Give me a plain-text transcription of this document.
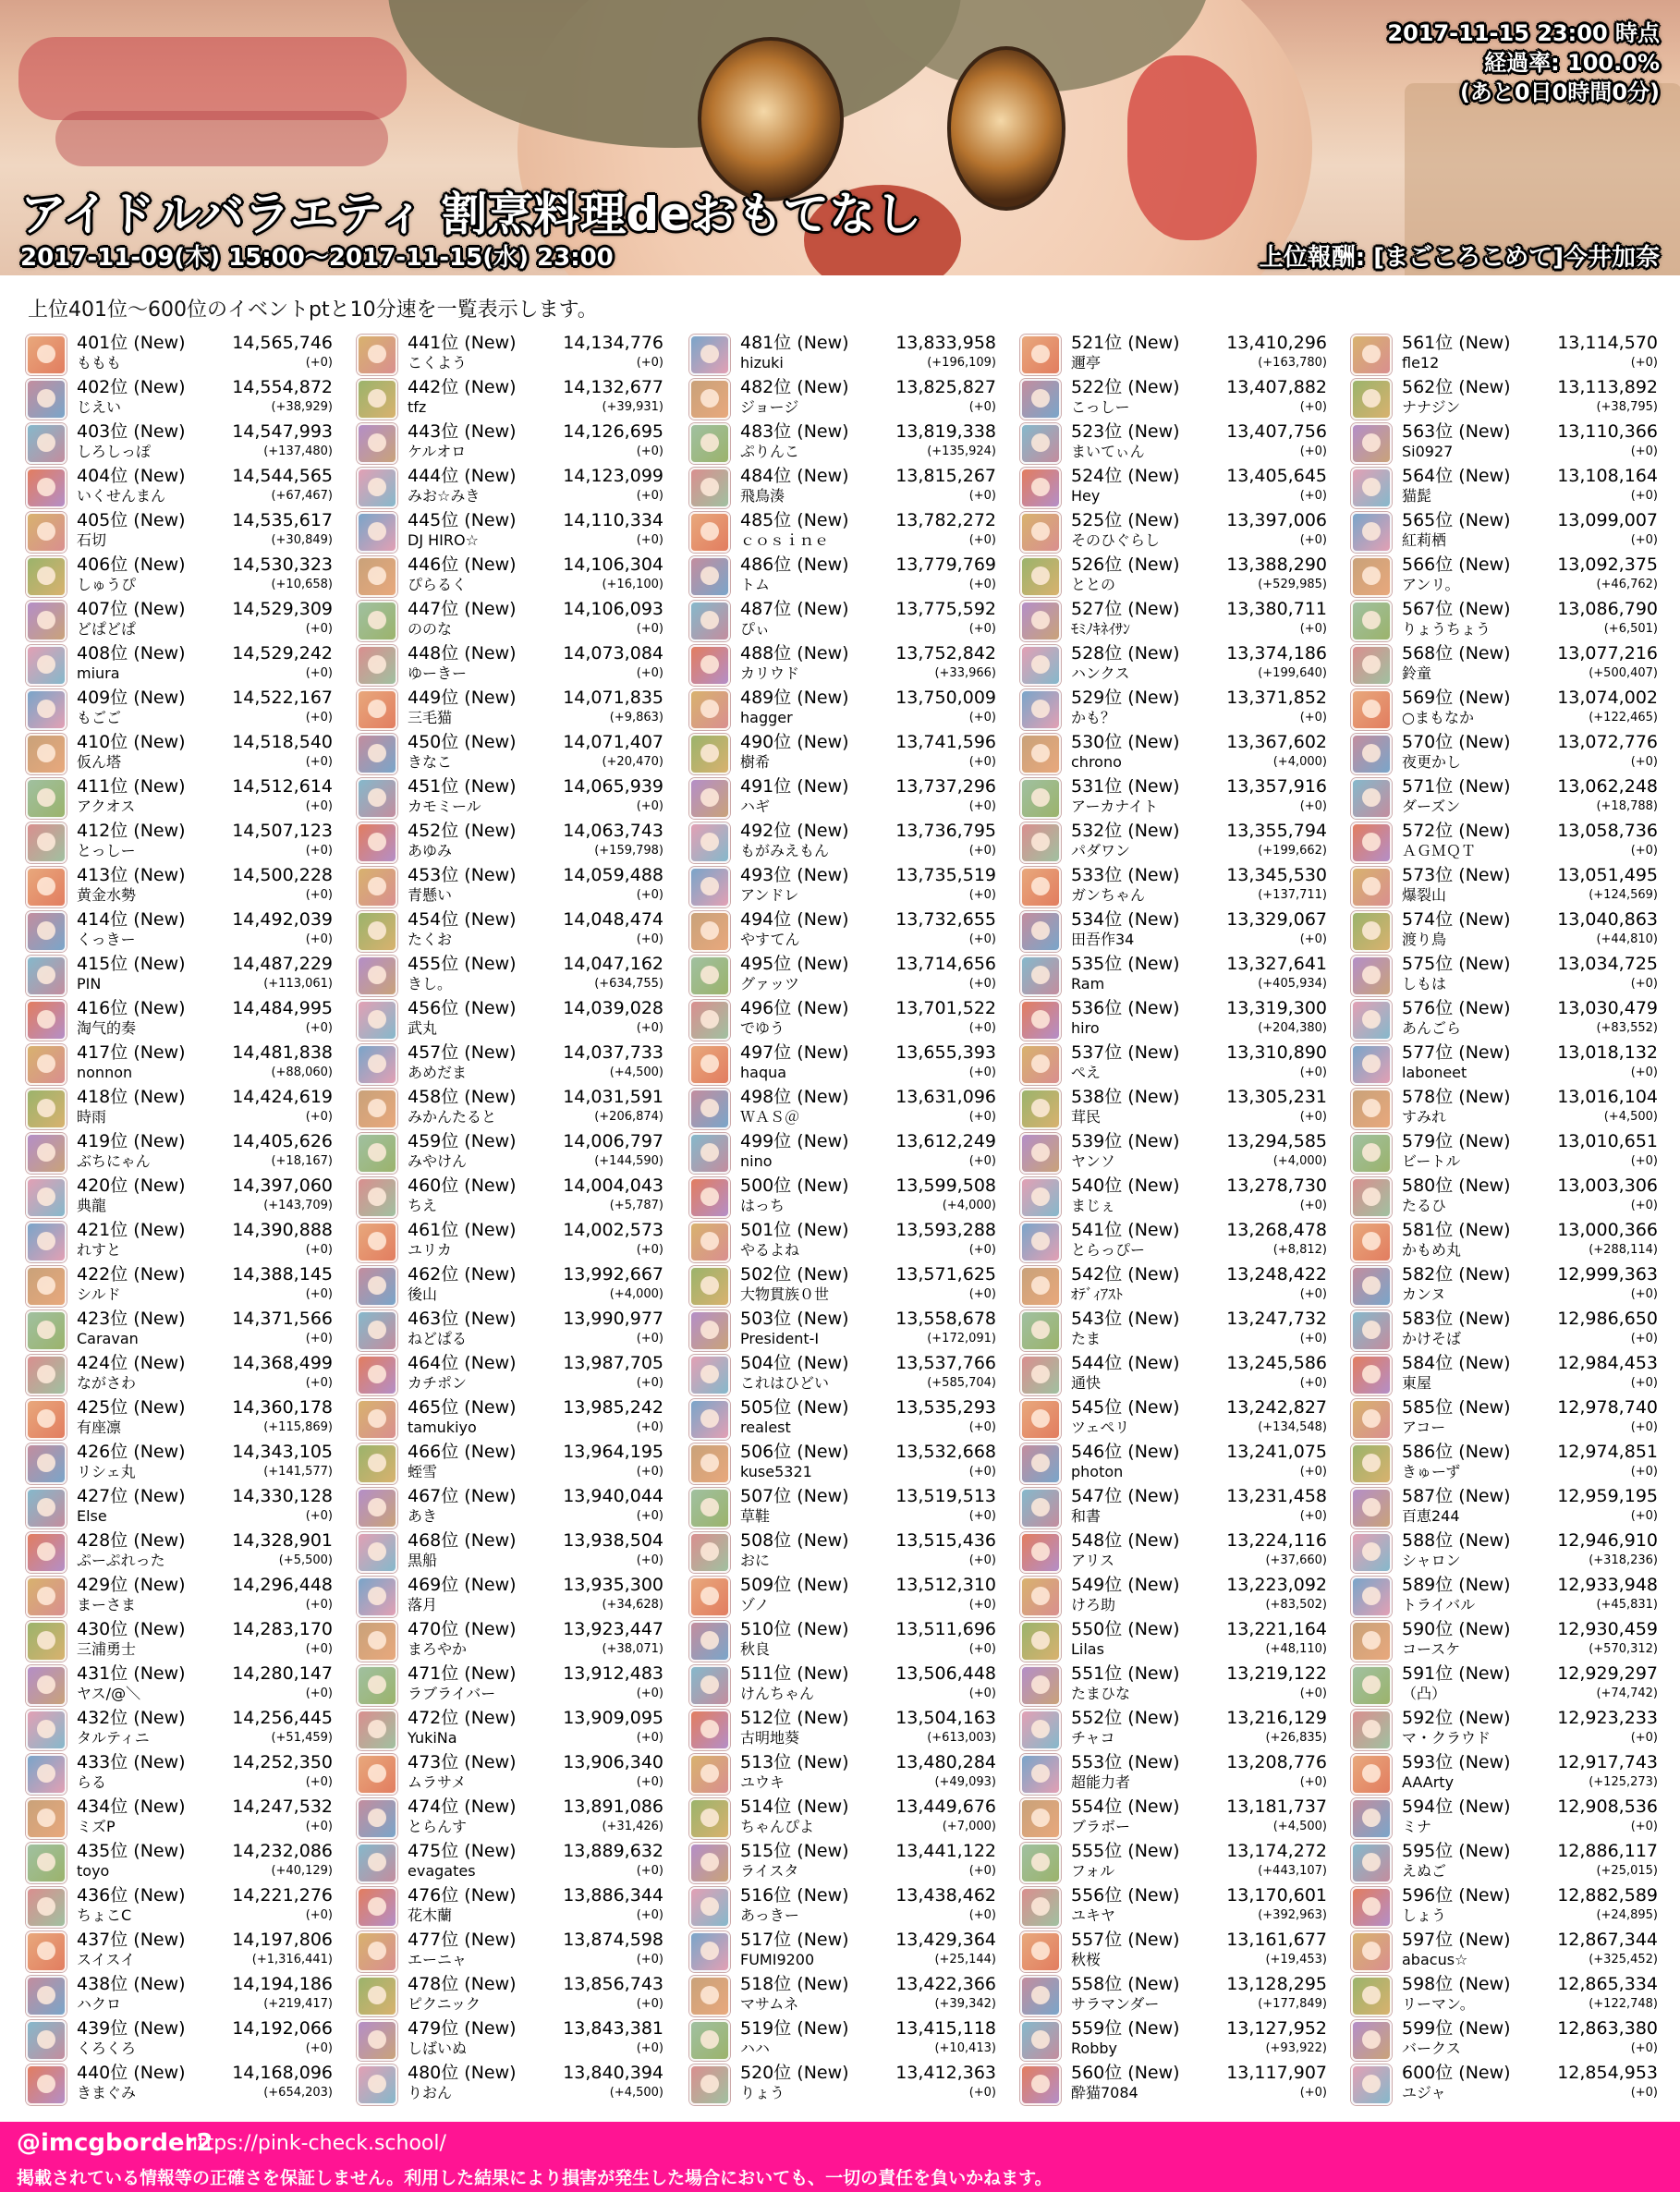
2017-11-15 23:00 時点
経過率: 100.0%
(あと0日0時間0分)
アイドルバラエティ 割烹料理deおもてなし
2017-11-09(木) 15:00～2017-11-15(水) 23:00	上位報酬: [まごころこめて]今井加奈
上位401位～600位のイベントptと10分速を一覧表示します。
401位 (New)	14,565,746
ももも	(+0)
402位 (New)	14,554,872
じえい	(+38,929)
403位 (New)	14,547,993
しろしっぽ	(+137,480)
404位 (New)	14,544,565
いくせんまん	(+67,467)
405位 (New)	14,535,617
石切	(+30,849)
406位 (New)	14,530,323
しゅうぴ	(+10,658)
407位 (New)	14,529,309
どぱどぱ	(+0)
408位 (New)	14,529,242
miura	(+0)
409位 (New)	14,522,167
もごご	(+0)
410位 (New)	14,518,540
仮ん塔	(+0)
411位 (New)	14,512,614
アクオス	(+0)
412位 (New)	14,507,123
とっしー	(+0)
413位 (New)	14,500,228
黄金水勢	(+0)
414位 (New)	14,492,039
くっきー	(+0)
415位 (New)	14,487,229
PIN	(+113,061)
416位 (New)	14,484,995
淘气的奏	(+0)
417位 (New)	14,481,838
nonnon	(+88,060)
418位 (New)	14,424,619
時雨	(+0)
419位 (New)	14,405,626
ぶちにゃん	(+18,167)
420位 (New)	14,397,060
典龍	(+143,709)
421位 (New)	14,390,888
れすと	(+0)
422位 (New)	14,388,145
シルド	(+0)
423位 (New)	14,371,566
Caravan	(+0)
424位 (New)	14,368,499
ながさわ	(+0)
425位 (New)	14,360,178
有座凛	(+115,869)
426位 (New)	14,343,105
リシェ丸	(+141,577)
427位 (New)	14,330,128
Else	(+0)
428位 (New)	14,328,901
ぷーぷれった	(+5,500)
429位 (New)	14,296,448
まーさま	(+0)
430位 (New)	14,283,170
三浦勇士	(+0)
431位 (New)	14,280,147
ヤス/@＼	(+0)
432位 (New)	14,256,445
タルティニ	(+51,459)
433位 (New)	14,252,350
らる	(+0)
434位 (New)	14,247,532
ミズP	(+0)
435位 (New)	14,232,086
toyo	(+40,129)
436位 (New)	14,221,276
ちょこC	(+0)
437位 (New)	14,197,806
スイスイ	(+1,316,441)
438位 (New)	14,194,186
ハクロ	(+219,417)
439位 (New)	14,192,066
くろくろ	(+0)
440位 (New)	14,168,096
きまぐみ	(+654,203)
441位 (New)	14,134,776
こくよう	(+0)
442位 (New)	14,132,677
tfz	(+39,931)
443位 (New)	14,126,695
ケルオロ	(+0)
444位 (New)	14,123,099
みお☆みき	(+0)
445位 (New)	14,110,334
DJ HIRO☆	(+0)
446位 (New)	14,106,304
ぴらるく	(+16,100)
447位 (New)	14,106,093
ののな	(+0)
448位 (New)	14,073,084
ゆーきー	(+0)
449位 (New)	14,071,835
三毛猫	(+9,863)
450位 (New)	14,071,407
きなこ	(+20,470)
451位 (New)	14,065,939
カモミール	(+0)
452位 (New)	14,063,743
あゆみ	(+159,798)
453位 (New)	14,059,488
青懸い	(+0)
454位 (New)	14,048,474
たくお	(+0)
455位 (New)	14,047,162
きし。	(+634,755)
456位 (New)	14,039,028
武丸	(+0)
457位 (New)	14,037,733
あめだま	(+4,500)
458位 (New)	14,031,591
みかんたると	(+206,874)
459位 (New)	14,006,797
みやけん	(+144,590)
460位 (New)	14,004,043
ちえ	(+5,787)
461位 (New)	14,002,573
ユリカ	(+0)
462位 (New)	13,992,667
後山	(+4,000)
463位 (New)	13,990,977
ねどぱる	(+0)
464位 (New)	13,987,705
カチポン	(+0)
465位 (New)	13,985,242
tamukiyo	(+0)
466位 (New)	13,964,195
蛭雪	(+0)
467位 (New)	13,940,044
あき	(+0)
468位 (New)	13,938,504
黒船	(+0)
469位 (New)	13,935,300
落月	(+34,628)
470位 (New)	13,923,447
まろやか	(+38,071)
471位 (New)	13,912,483
ラブライバー	(+0)
472位 (New)	13,909,095
YukiNa	(+0)
473位 (New)	13,906,340
ムラサメ	(+0)
474位 (New)	13,891,086
とらんす	(+31,426)
475位 (New)	13,889,632
evagates	(+0)
476位 (New)	13,886,344
花木蘭	(+0)
477位 (New)	13,874,598
エーニャ	(+0)
478位 (New)	13,856,743
ピクニック	(+0)
479位 (New)	13,843,381
しばいぬ	(+0)
480位 (New)	13,840,394
りおん	(+4,500)
481位 (New)	13,833,958
hizuki	(+196,109)
482位 (New)	13,825,827
ジョージ	(+0)
483位 (New)	13,819,338
ぷりんこ	(+135,924)
484位 (New)	13,815,267
飛鳥湊	(+0)
485位 (New)	13,782,272
ｃｏｓｉｎｅ	(+0)
486位 (New)	13,779,769
トム	(+0)
487位 (New)	13,775,592
ぴぃ	(+0)
488位 (New)	13,752,842
カリウド	(+33,966)
489位 (New)	13,750,009
hagger	(+0)
490位 (New)	13,741,596
樹希	(+0)
491位 (New)	13,737,296
ハギ	(+0)
492位 (New)	13,736,795
もがみえもん	(+0)
493位 (New)	13,735,519
アンドレ	(+0)
494位 (New)	13,732,655
やすてん	(+0)
495位 (New)	13,714,656
グァッツ	(+0)
496位 (New)	13,701,522
でゆう	(+0)
497位 (New)	13,655,393
haqua	(+0)
498位 (New)	13,631,096
ＷＡＳ＠	(+0)
499位 (New)	13,612,249
nino	(+0)
500位 (New)	13,599,508
はっち	(+4,000)
501位 (New)	13,593,288
やるよね	(+0)
502位 (New)	13,571,625
大物貫族０世	(+0)
503位 (New)	13,558,678
President-I	(+172,091)
504位 (New)	13,537,766
これはひどい	(+585,704)
505位 (New)	13,535,293
realest	(+0)
506位 (New)	13,532,668
kuse5321	(+0)
507位 (New)	13,519,513
草鞋	(+0)
508位 (New)	13,515,436
おに	(+0)
509位 (New)	13,512,310
ゾノ	(+0)
510位 (New)	13,511,696
秋良	(+0)
511位 (New)	13,506,448
けんちゃん	(+0)
512位 (New)	13,504,163
古明地葵	(+613,003)
513位 (New)	13,480,284
ユウキ	(+49,093)
514位 (New)	13,449,676
ちゃんぴよ	(+7,000)
515位 (New)	13,441,122
ライスタ	(+0)
516位 (New)	13,438,462
あっきー	(+0)
517位 (New)	13,429,364
FUMI9200	(+25,144)
518位 (New)	13,422,366
マサムネ	(+39,342)
519位 (New)	13,415,118
ハハ	(+10,413)
520位 (New)	13,412,363
りょう	(+0)
521位 (New)	13,410,296
邇亭	(+163,780)
522位 (New)	13,407,882
こっしー	(+0)
523位 (New)	13,407,756
まいてぃん	(+0)
524位 (New)	13,405,645
Hey	(+0)
525位 (New)	13,397,006
そのひぐらし	(+0)
526位 (New)	13,388,290
ととの	(+529,985)
527位 (New)	13,380,711
ﾓﾐﾉｷﾈｲｻﾝ	(+0)
528位 (New)	13,374,186
ハンクス	(+199,640)
529位 (New)	13,371,852
かも？	(+0)
530位 (New)	13,367,602
chrono	(+4,000)
531位 (New)	13,357,916
アーカナイト	(+0)
532位 (New)	13,355,794
パダワン	(+199,662)
533位 (New)	13,345,530
ガンちゃん	(+137,711)
534位 (New)	13,329,067
田吾作34	(+0)
535位 (New)	13,327,641
Ram	(+405,934)
536位 (New)	13,319,300
hiro	(+204,380)
537位 (New)	13,310,890
ぺえ	(+0)
538位 (New)	13,305,231
茸民	(+0)
539位 (New)	13,294,585
ヤンソ	(+4,000)
540位 (New)	13,278,730
まじぇ	(+0)
541位 (New)	13,268,478
とらっぴー	(+8,812)
542位 (New)	13,248,422
ｵﾃﾞｨｱｽﾄ	(+0)
543位 (New)	13,247,732
たま	(+0)
544位 (New)	13,245,586
通快	(+0)
545位 (New)	13,242,827
ツェペリ	(+134,548)
546位 (New)	13,241,075
photon	(+0)
547位 (New)	13,231,458
和書	(+0)
548位 (New)	13,224,116
アリス	(+37,660)
549位 (New)	13,223,092
けろ助	(+83,502)
550位 (New)	13,221,164
Lilas	(+48,110)
551位 (New)	13,219,122
たまひな	(+0)
552位 (New)	13,216,129
チャコ	(+26,835)
553位 (New)	13,208,776
超能力者	(+0)
554位 (New)	13,181,737
ブラボー	(+4,500)
555位 (New)	13,174,272
フォル	(+443,107)
556位 (New)	13,170,601
ユキヤ	(+392,963)
557位 (New)	13,161,677
秋桜	(+19,453)
558位 (New)	13,128,295
サラマンダー	(+177,849)
559位 (New)	13,127,952
Robby	(+93,922)
560位 (New)	13,117,907
酔猫7084	(+0)
561位 (New)	13,114,570
fle12	(+0)
562位 (New)	13,113,892
ナナジン	(+38,795)
563位 (New)	13,110,366
Si0927	(+0)
564位 (New)	13,108,164
猫髭	(+0)
565位 (New)	13,099,007
紅莉栖	(+0)
566位 (New)	13,092,375
アンリ。	(+46,762)
567位 (New)	13,086,790
りょうちょう	(+6,501)
568位 (New)	13,077,216
鈴童	(+500,407)
569位 (New)	13,074,002
○まもなか	(+122,465)
570位 (New)	13,072,776
夜更かし	(+0)
571位 (New)	13,062,248
ダーズン	(+18,788)
572位 (New)	13,058,736
ＡＧＭＱＴ	(+0)
573位 (New)	13,051,495
爆裂山	(+124,569)
574位 (New)	13,040,863
渡り鳥	(+44,810)
575位 (New)	13,034,725
しもは	(+0)
576位 (New)	13,030,479
あんごら	(+83,552)
577位 (New)	13,018,132
laboneet	(+0)
578位 (New)	13,016,104
すみれ	(+4,500)
579位 (New)	13,010,651
ビートル	(+0)
580位 (New)	13,003,306
たるひ	(+0)
581位 (New)	13,000,366
かもめ丸	(+288,114)
582位 (New)	12,999,363
カンヌ	(+0)
583位 (New)	12,986,650
かけそば	(+0)
584位 (New)	12,984,453
東屋	(+0)
585位 (New)	12,978,740
アコー	(+0)
586位 (New)	12,974,851
きゅーず	(+0)
587位 (New)	12,959,195
百恵244	(+0)
588位 (New)	12,946,910
シャロン	(+318,236)
589位 (New)	12,933,948
トライバル	(+45,831)
590位 (New)	12,930,459
コースケ	(+570,312)
591位 (New)	12,929,297
（凸）	(+74,742)
592位 (New)	12,923,233
マ・クラウド	(+0)
593位 (New)	12,917,743
AAArty	(+125,273)
594位 (New)	12,908,536
ミナ	(+0)
595位 (New)	12,886,117
えぬご	(+25,015)
596位 (New)	12,882,589
しょう	(+24,895)
597位 (New)	12,867,344
abacus☆	(+325,452)
598位 (New)	12,865,334
リーマン。	(+122,748)
599位 (New)	12,863,380
バークス	(+0)
600位 (New)	12,854,953
ユジャ	(+0)
@imcgborder2
https://pink-check.school/
掲載されている情報等の正確さを保証しません。利用した結果により損害が発生した場合においても、一切の責任を負いかねます。
